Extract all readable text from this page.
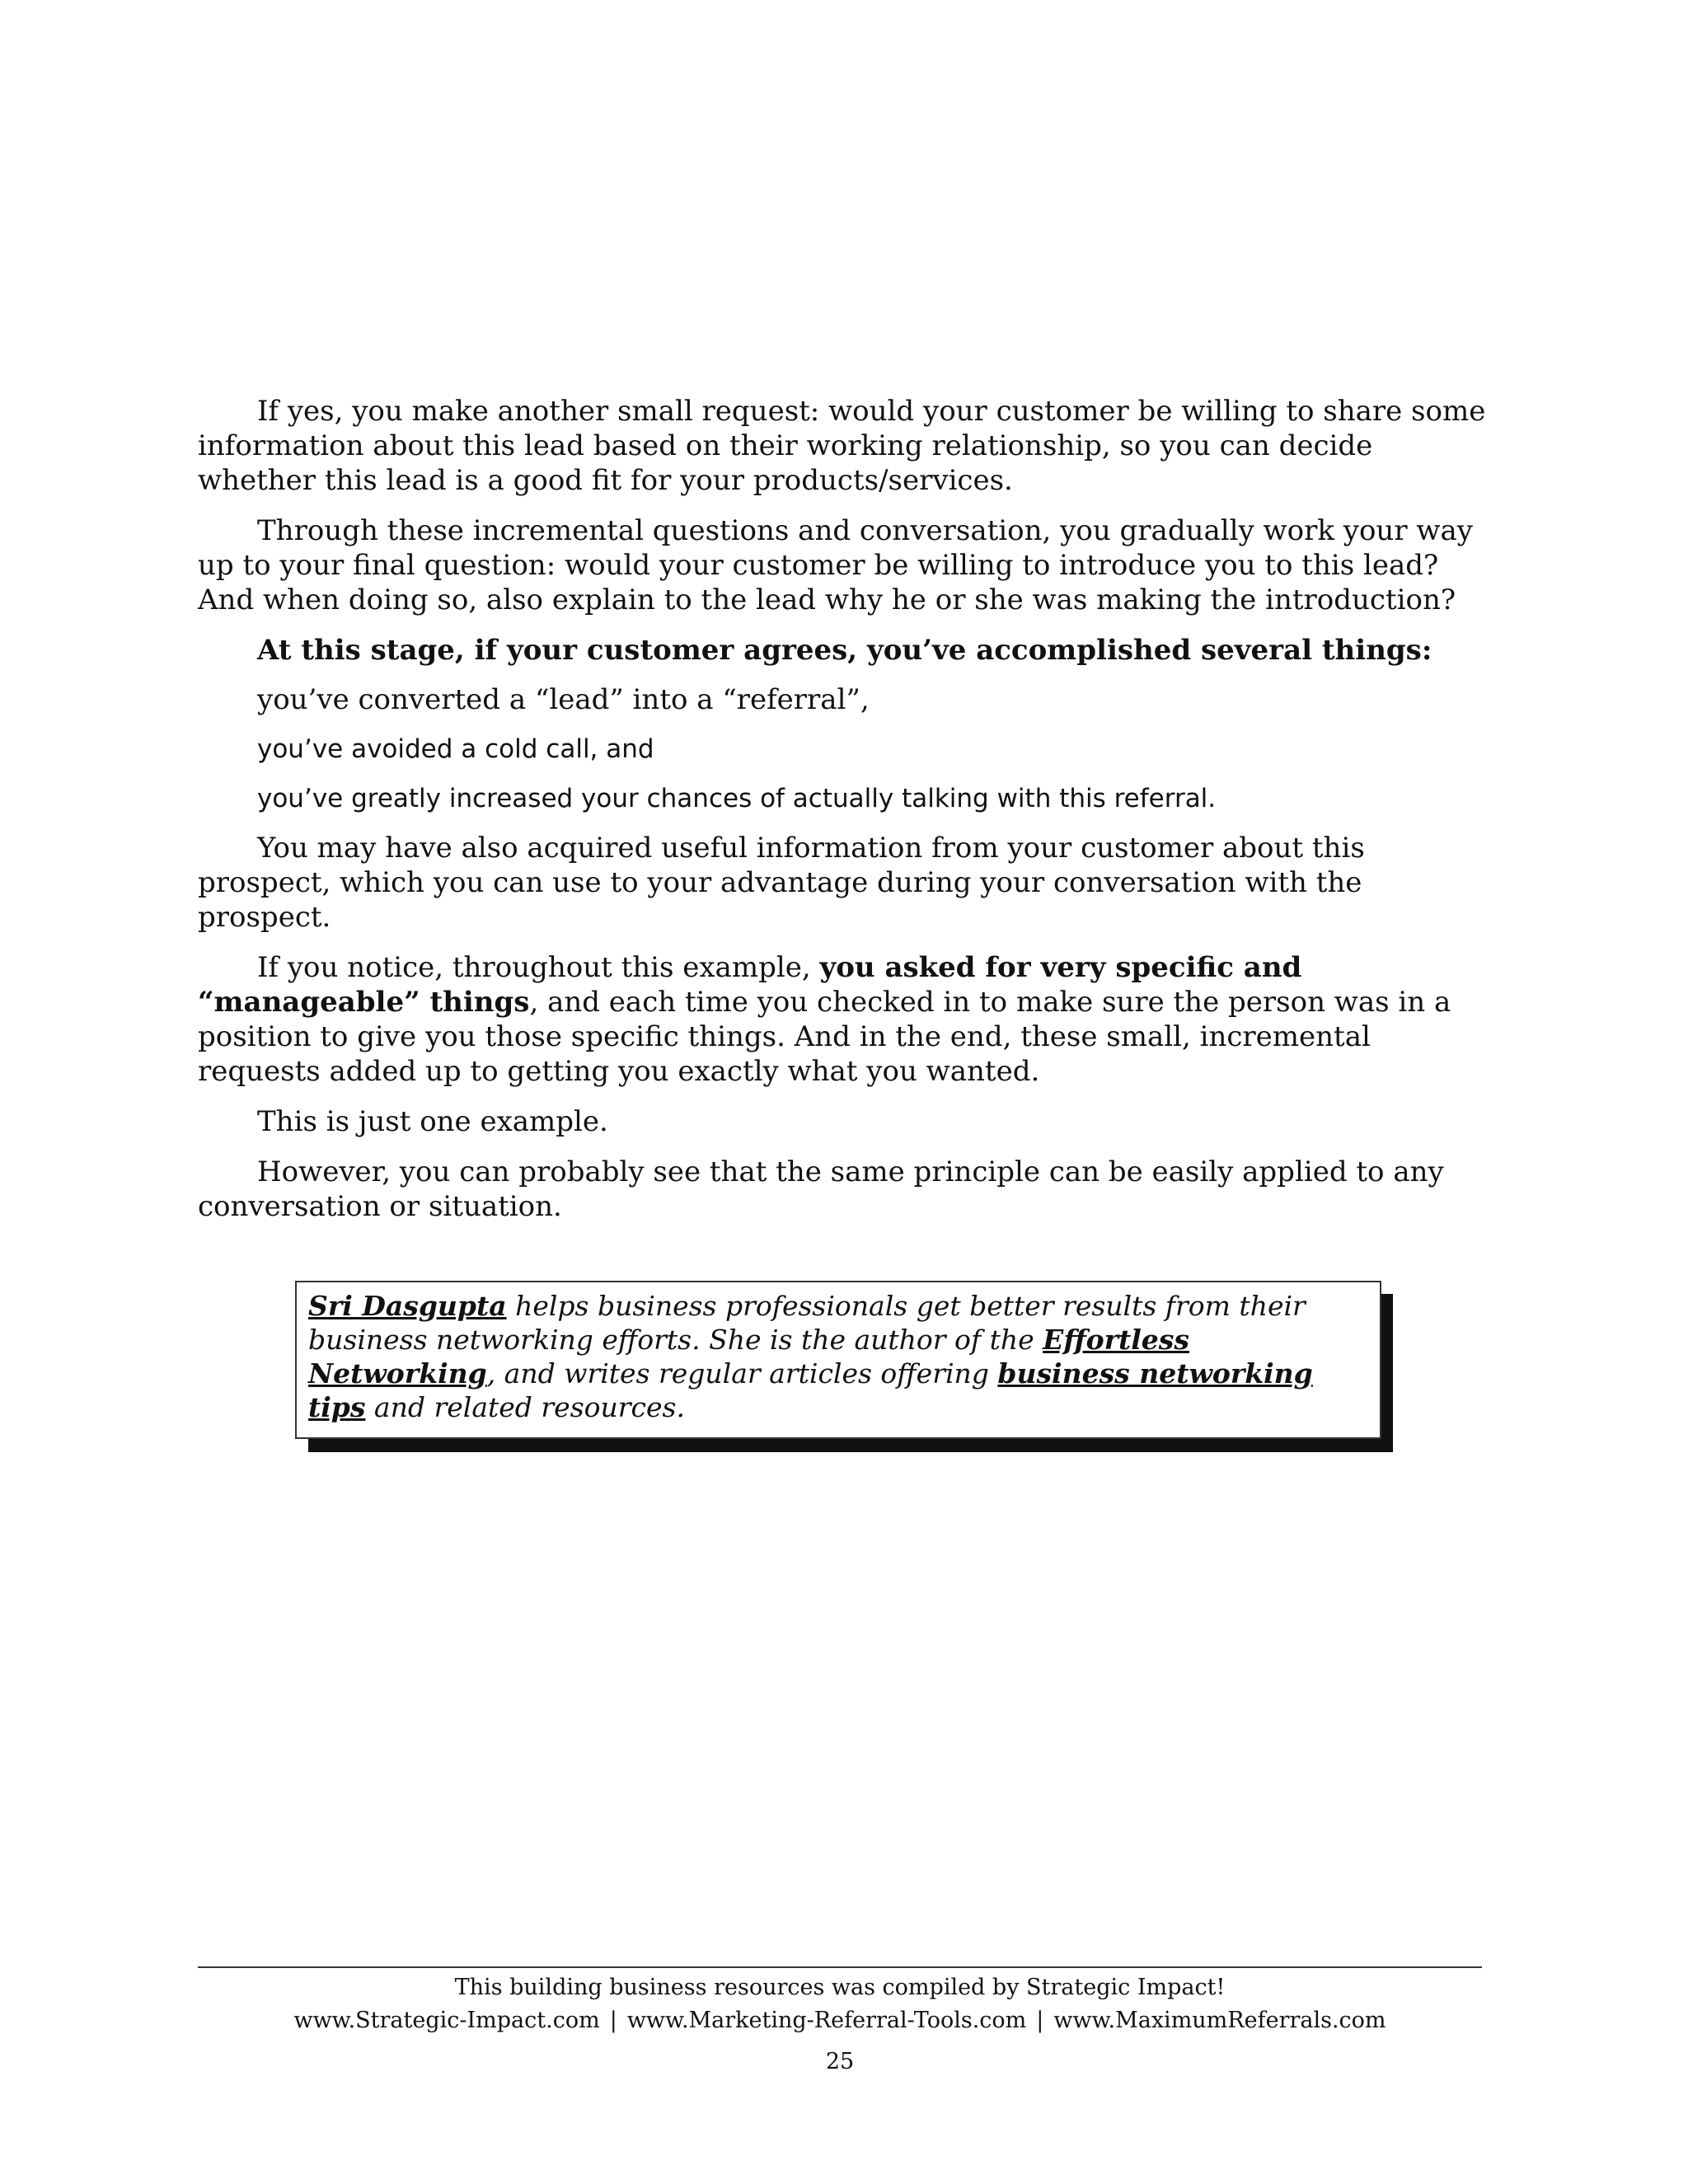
If yes, you make another small request: would your customer be willing to share some information about this lead based on their working relationship, so you can decide whether this lead is a good fit for your products/services.

Through these incremental questions and conversation, you gradually work your way up to your final question: would your customer be willing to introduce you to this lead? And when doing so, also explain to the lead why he or she was making the introduction?

At this stage, if your customer agrees, you’ve accomplished several things:

you’ve converted a “lead” into a “referral”,

you’ve avoided a cold call, and

you’ve greatly increased your chances of actually talking with this referral.

You may have also acquired useful information from your customer about this prospect, which you can use to your advantage during your conversation with the prospect.

If you notice, throughout this example, you asked for very specific and “manageable” things, and each time you checked in to make sure the person was in a position to give you those specific things. And in the end, these small, incremental requests added up to getting you exactly what you wanted.

This is just one example.

However, you can probably see that the same principle can be easily applied to any conversation or situation.

Sri Dasgupta helps business professionals get better results from their business networking efforts. She is the author of the Effortless Networking, and writes regular articles offering business networking tips and related resources.
This building business resources was compiled by Strategic Impact!
www.Strategic-Impact.com | www.Marketing-Referral-Tools.com | www.MaximumReferrals.com
25
